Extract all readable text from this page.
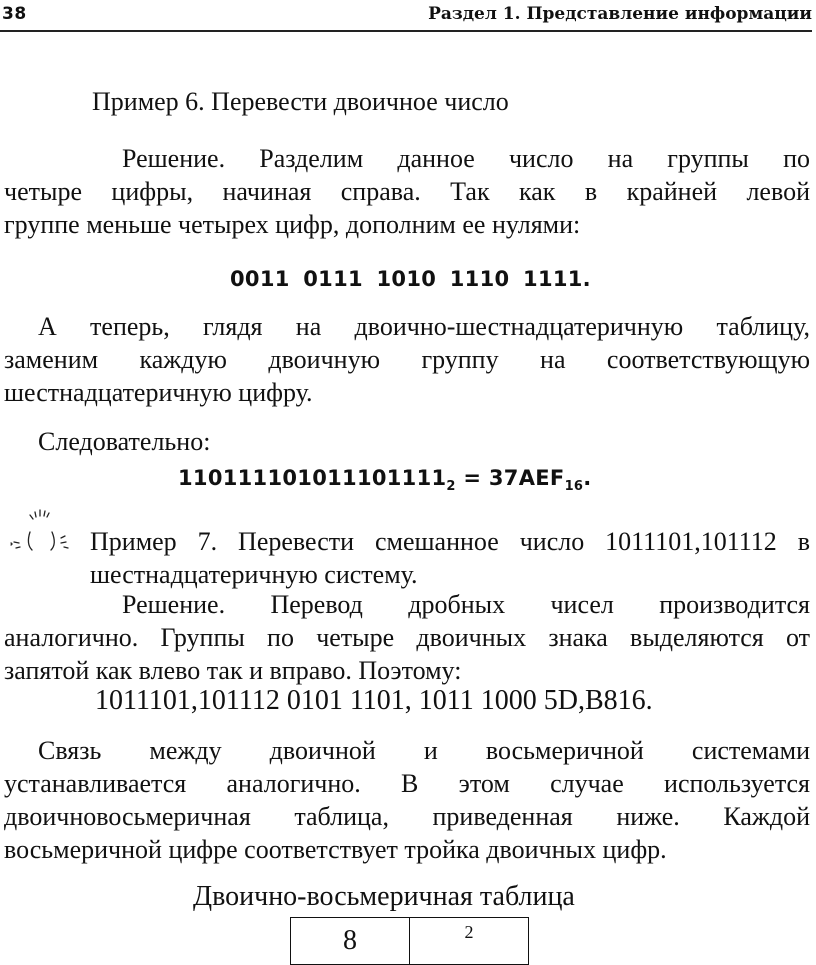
38	Раздел 1. Представление информации
Пример 6. Перевести двоичное число
Решение. Разделим данное число на группы по
четыре цифры, начиная справа. Так как в крайней левой
группе меньше четырех цифр, дополним ее нулями:
0011 0111 1010 1110 1111.
А теперь, глядя на двоично-шестнадцатеричную таблицу,
заменим каждую двоичную группу на соответствующую
шестнадцатеричную цифру.
Следовательно:
$110111101011101111_2 = 37AEF_{16}$.
Пример 7. Перевести смешанное число 1011101,101112 в
шестнадцатеричную систему.
Решение. Перевод дробных чисел производится
аналогично. Группы по четыре двоичных знака выделяются от
запятой как влево так и вправо. Поэтому:
1011101,101112 0101 1101, 1011 1000 5D,B816.
Связь между двоичной и восьмеричной системами
устанавливается аналогично. В этом случае используется
двоичновосьмеричная таблица, приведенная ниже. Каждой
восьмеричной цифре соответствует тройка двоичных цифр.
Двоично-восьмеричная таблица
8	2
